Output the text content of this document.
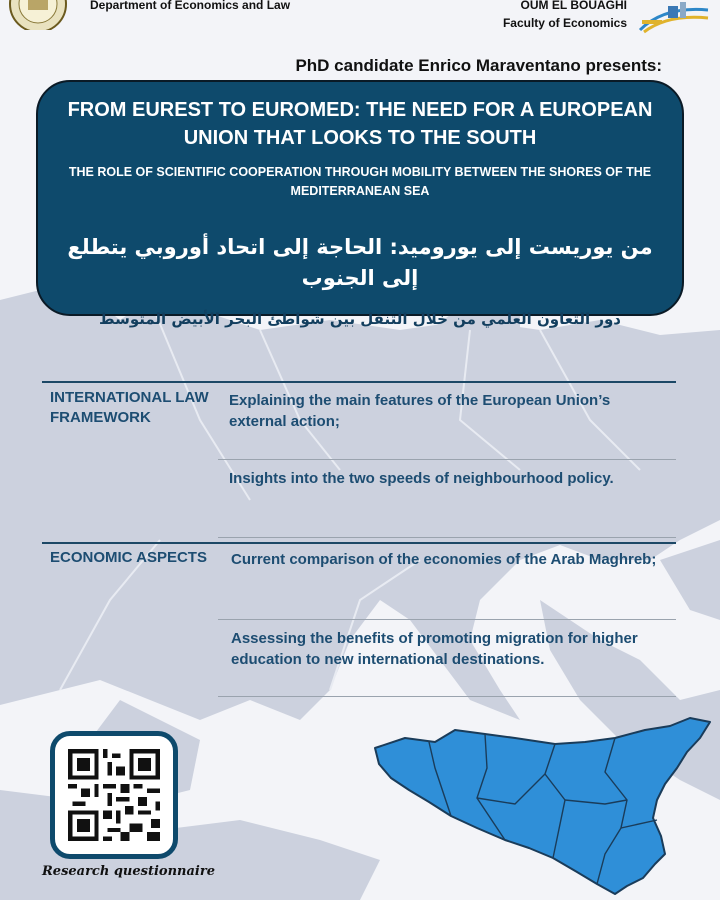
Department of Economics and Law	OUM EL BOUAGHI
Faculty of Economics
PhD candidate Enrico Maraventano presents:
FROM EUREST TO EUROMED: THE NEED FOR A EUROPEAN UNION THAT LOOKS TO THE SOUTH
THE ROLE OF SCIENTIFIC COOPERATION THROUGH MOBILITY BETWEEN THE SHORES OF THE MEDITERRANEAN SEA
من يوريست إلى يوروميد: الحاجة إلى اتحاد أوروبي يتطلع إلى الجنوب
دور التعاون العلمي من خلال التنقل بين شواطئ البحر الأبيض المتوسط
INTERNATIONAL LAW FRAMEWORK
Explaining the main features of the European Union’s external action;
Insights into the two speeds of neighbourhood policy.
ECONOMIC ASPECTS	Current comparison of the economies of the Arab Maghreb;
Assessing the benefits of promoting migration for higher education to new international destinations.
Research questionnaire
